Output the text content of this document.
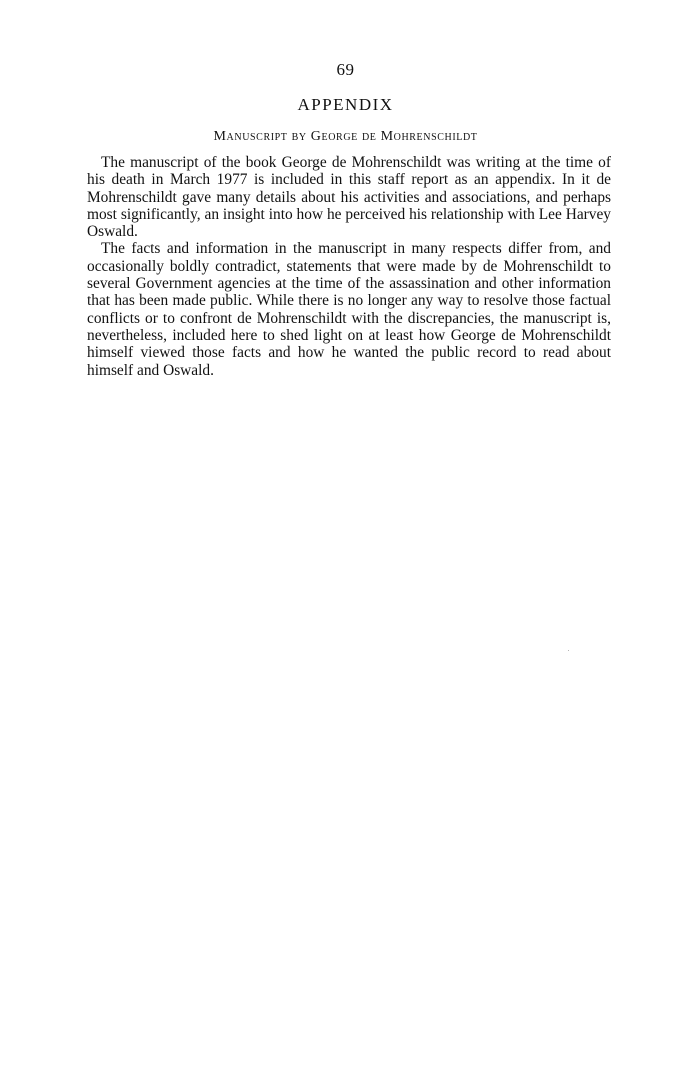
69
APPENDIX
Manuscript by George de Mohrenschildt

The manuscript of the book George de Mohrenschildt was writing at the time of his death in March 1977 is included in this staff report as an appendix. In it de Mohrenschildt gave many details about his activities and associations, and perhaps most significantly, an insight into how he perceived his relationship with Lee Harvey Oswald.

The facts and information in the manuscript in many respects differ from, and occasionally boldly contradict, statements that were made by de Mohrenschildt to several Government agencies at the time of the assassination and other information that has been made public. While there is no longer any way to resolve those factual conflicts or to confront de Mohrenschildt with the discrepancies, the manuscript is, nevertheless, included here to shed light on at least how George de Mohrenschildt himself viewed those facts and how he wanted the public record to read about himself and Oswald.
